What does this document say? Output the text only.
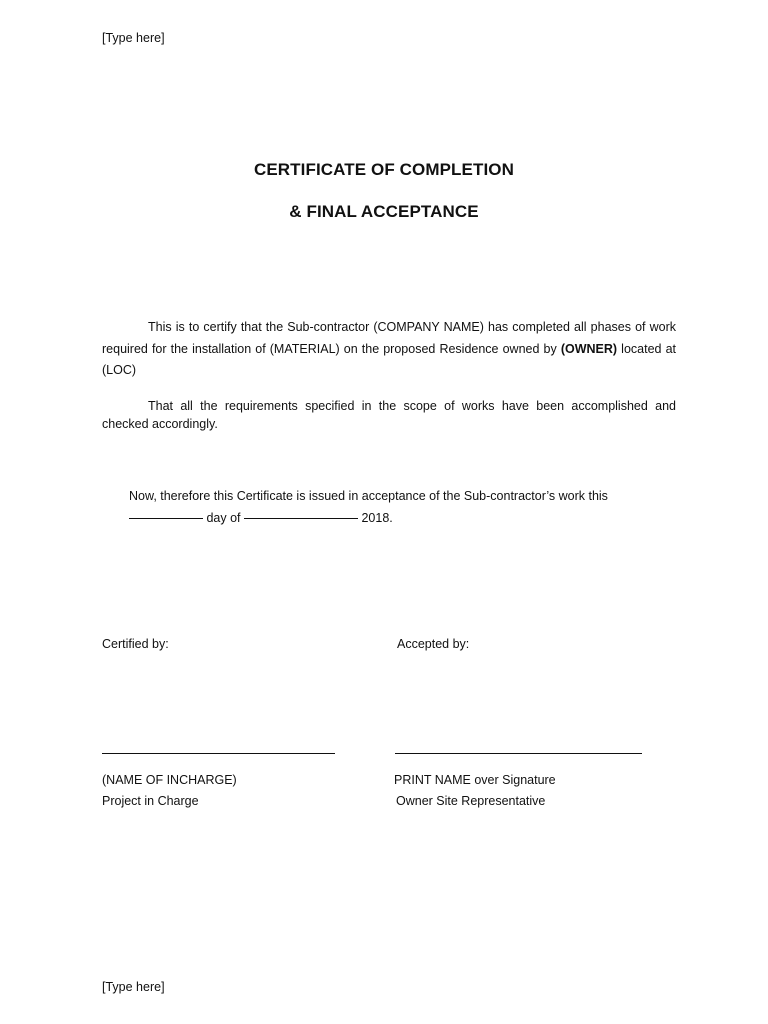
[Type here]
CERTIFICATE OF COMPLETION
& FINAL ACCEPTANCE
This is to certify that the Sub-contractor (COMPANY NAME) has completed all phases of work required for the installation of (MATERIAL) on the proposed Residence owned by (OWNER) located at (LOC)
That all the requirements specified in the scope of works have been accomplished and checked accordingly.
Now, therefore this Certificate is issued in acceptance of the Sub-contractor’s work this
day of	2018.
Certified by:	Accepted by:
(NAME OF INCHARGE)
Project in Charge
PRINT NAME over Signature
Owner Site Representative
[Type here]
